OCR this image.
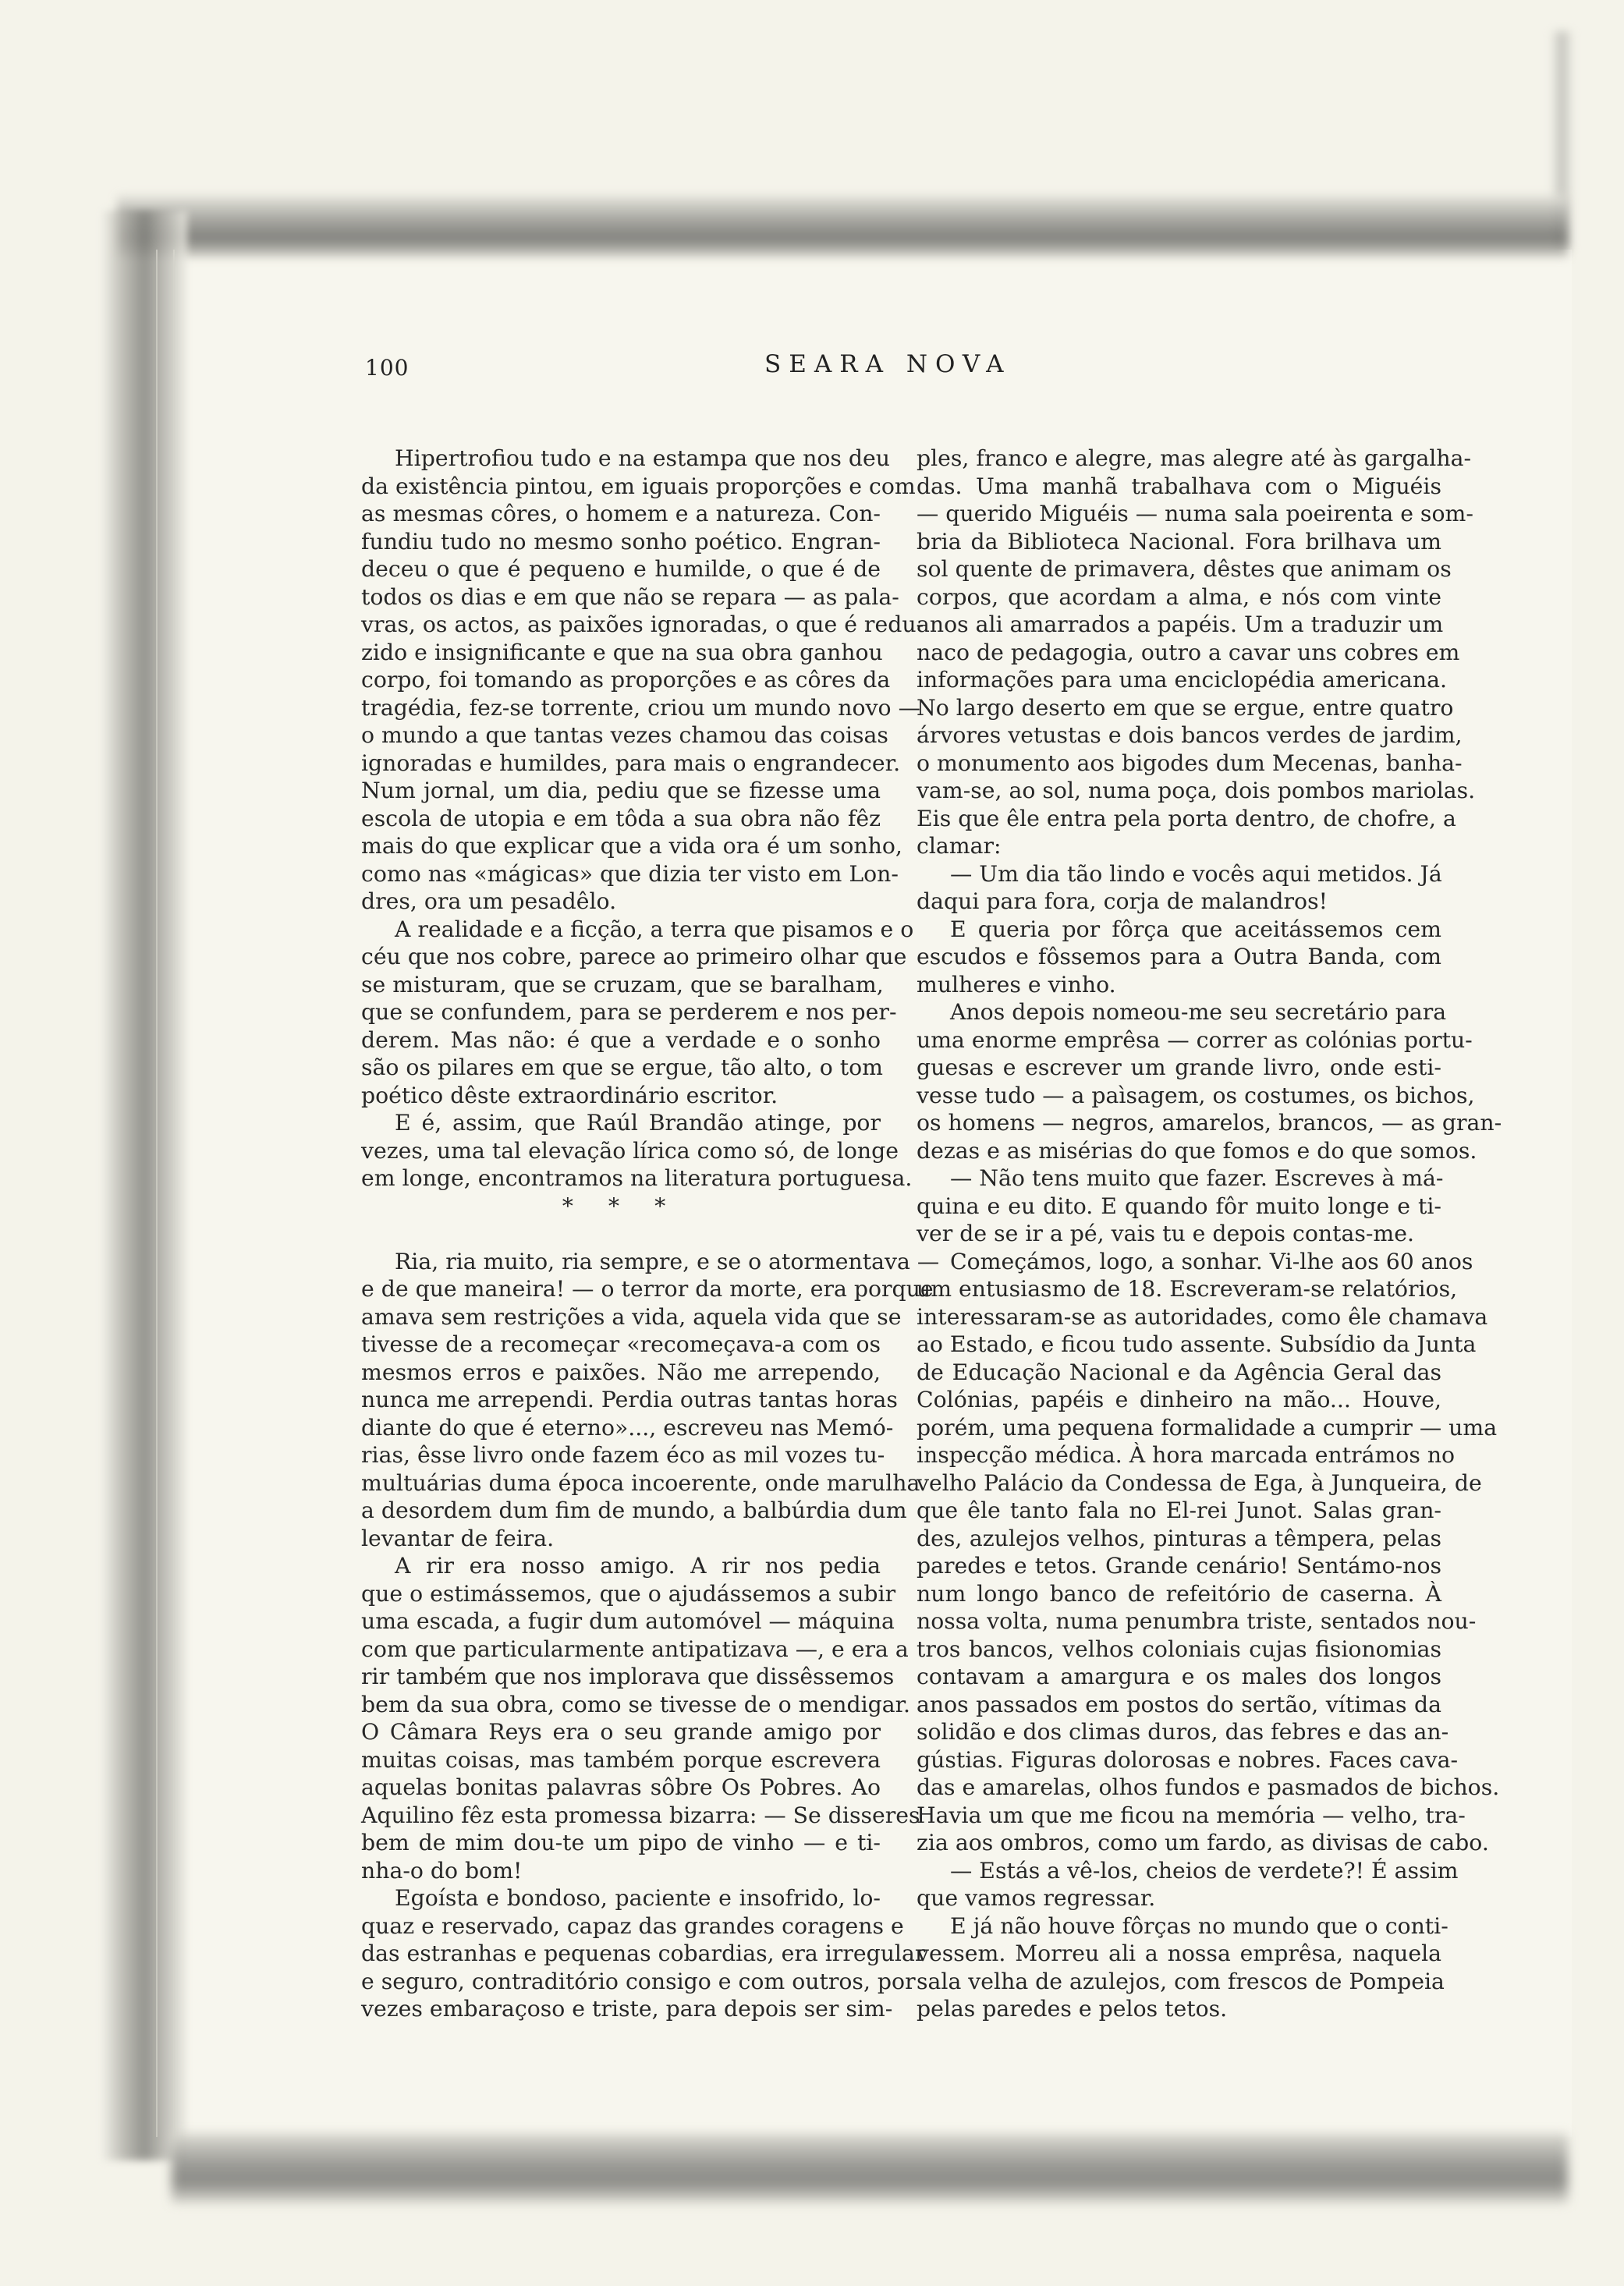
100	SEARA NOVA
Hipertrofiou tudo e na estampa que nos deu
da existência pintou, em iguais proporções e com
as mesmas côres, o homem e a natureza. Con-
fundiu tudo no mesmo sonho poético. Engran-
deceu o que é pequeno e humilde, o que é de
todos os dias e em que não se repara — as pala-
vras, os actos, as paixões ignoradas, o que é redu-
zido e insignificante e que na sua obra ganhou
corpo, foi tomando as proporções e as côres da
tragédia, fez-se torrente, criou um mundo novo —
o mundo a que tantas vezes chamou das coisas
ignoradas e humildes, para mais o engrandecer.
Num jornal, um dia, pediu que se fizesse uma
escola de utopia e em tôda a sua obra não fêz
mais do que explicar que a vida ora é um sonho,
como nas «mágicas» que dizia ter visto em Lon-
dres, ora um pesadêlo.
A realidade e a ficção, a terra que pisamos e o
céu que nos cobre, parece ao primeiro olhar que
se misturam, que se cruzam, que se baralham,
que se confundem, para se perderem e nos per-
derem. Mas não: é que a verdade e o sonho
são os pilares em que se ergue, tão alto, o tom
poético dêste extraordinário escritor.
E é, assim, que Raúl Brandão atinge, por
vezes, uma tal elevação lírica como só, de longe
em longe, encontramos na literatura portuguesa.
* * *
Ria, ria muito, ria sempre, e se o atormentava —
e de que maneira! — o terror da morte, era porque
amava sem restrições a vida, aquela vida que se
tivesse de a recomeçar «recomeçava-a com os
mesmos erros e paixões. Não me arrependo,
nunca me arrependi. Perdia outras tantas horas
diante do que é eterno»..., escreveu nas Memó-
rias, êsse livro onde fazem éco as mil vozes tu-
multuárias duma época incoerente, onde marulha
a desordem dum fim de mundo, a balbúrdia dum
levantar de feira.
A rir era nosso amigo. A rir nos pedia
que o estimássemos, que o ajudássemos a subir
uma escada, a fugir dum automóvel — máquina
com que particularmente antipatizava —, e era a
rir também que nos implorava que dissêssemos
bem da sua obra, como se tivesse de o mendigar.
O Câmara Reys era o seu grande amigo por
muitas coisas, mas também porque escrevera
aquelas bonitas palavras sôbre Os Pobres. Ao
Aquilino fêz esta promessa bizarra: — Se disseres
bem de mim dou-te um pipo de vinho — e ti-
nha-o do bom!
Egoísta e bondoso, paciente e insofrido, lo-
quaz e reservado, capaz das grandes coragens e
das estranhas e pequenas cobardias, era irregular
e seguro, contraditório consigo e com outros, por
vezes embaraçoso e triste, para depois ser sim-
ples, franco e alegre, mas alegre até às gargalha-
das. Uma manhã trabalhava com o Miguéis
— querido Miguéis — numa sala poeirenta e som-
bria da Biblioteca Nacional. Fora brilhava um
sol quente de primavera, dêstes que animam os
corpos, que acordam a alma, e nós com vinte
anos ali amarrados a papéis. Um a traduzir um
naco de pedagogia, outro a cavar uns cobres em
informações para uma enciclopédia americana.
No largo deserto em que se ergue, entre quatro
árvores vetustas e dois bancos verdes de jardim,
o monumento aos bigodes dum Mecenas, banha-
vam-se, ao sol, numa poça, dois pombos mariolas.
Eis que êle entra pela porta dentro, de chofre, a
clamar:
— Um dia tão lindo e vocês aqui metidos. Já
daqui para fora, corja de malandros!
E queria por fôrça que aceitássemos cem
escudos e fôssemos para a Outra Banda, com
mulheres e vinho.
Anos depois nomeou-me seu secretário para
uma enorme emprêsa — correr as colónias portu-
guesas e escrever um grande livro, onde esti-
vesse tudo — a paìsagem, os costumes, os bichos,
os homens — negros, amarelos, brancos, — as gran-
dezas e as misérias do que fomos e do que somos.
— Não tens muito que fazer. Escreves à má-
quina e eu dito. E quando fôr muito longe e ti-
ver de se ir a pé, vais tu e depois contas-me.
Começámos, logo, a sonhar. Vi-lhe aos 60 anos
um entusiasmo de 18. Escreveram-se relatórios,
interessaram-se as autoridades, como êle chamava
ao Estado, e ficou tudo assente. Subsídio da Junta
de Educação Nacional e da Agência Geral das
Colónias, papéis e dinheiro na mão... Houve,
porém, uma pequena formalidade a cumprir — uma
inspecção médica. À hora marcada entrámos no
velho Palácio da Condessa de Ega, à Junqueira, de
que êle tanto fala no El-rei Junot. Salas gran-
des, azulejos velhos, pinturas a têmpera, pelas
paredes e tetos. Grande cenário! Sentámo-nos
num longo banco de refeitório de caserna. À
nossa volta, numa penumbra triste, sentados nou-
tros bancos, velhos coloniais cujas fisionomias
contavam a amargura e os males dos longos
anos passados em postos do sertão, vítimas da
solidão e dos climas duros, das febres e das an-
gústias. Figuras dolorosas e nobres. Faces cava-
das e amarelas, olhos fundos e pasmados de bichos.
Havia um que me ficou na memória — velho, tra-
zia aos ombros, como um fardo, as divisas de cabo.
— Estás a vê-los, cheios de verdete?! É assim
que vamos regressar.
E já não houve fôrças no mundo que o conti-
vessem. Morreu ali a nossa emprêsa, naquela
sala velha de azulejos, com frescos de Pompeia
pelas paredes e pelos tetos.
